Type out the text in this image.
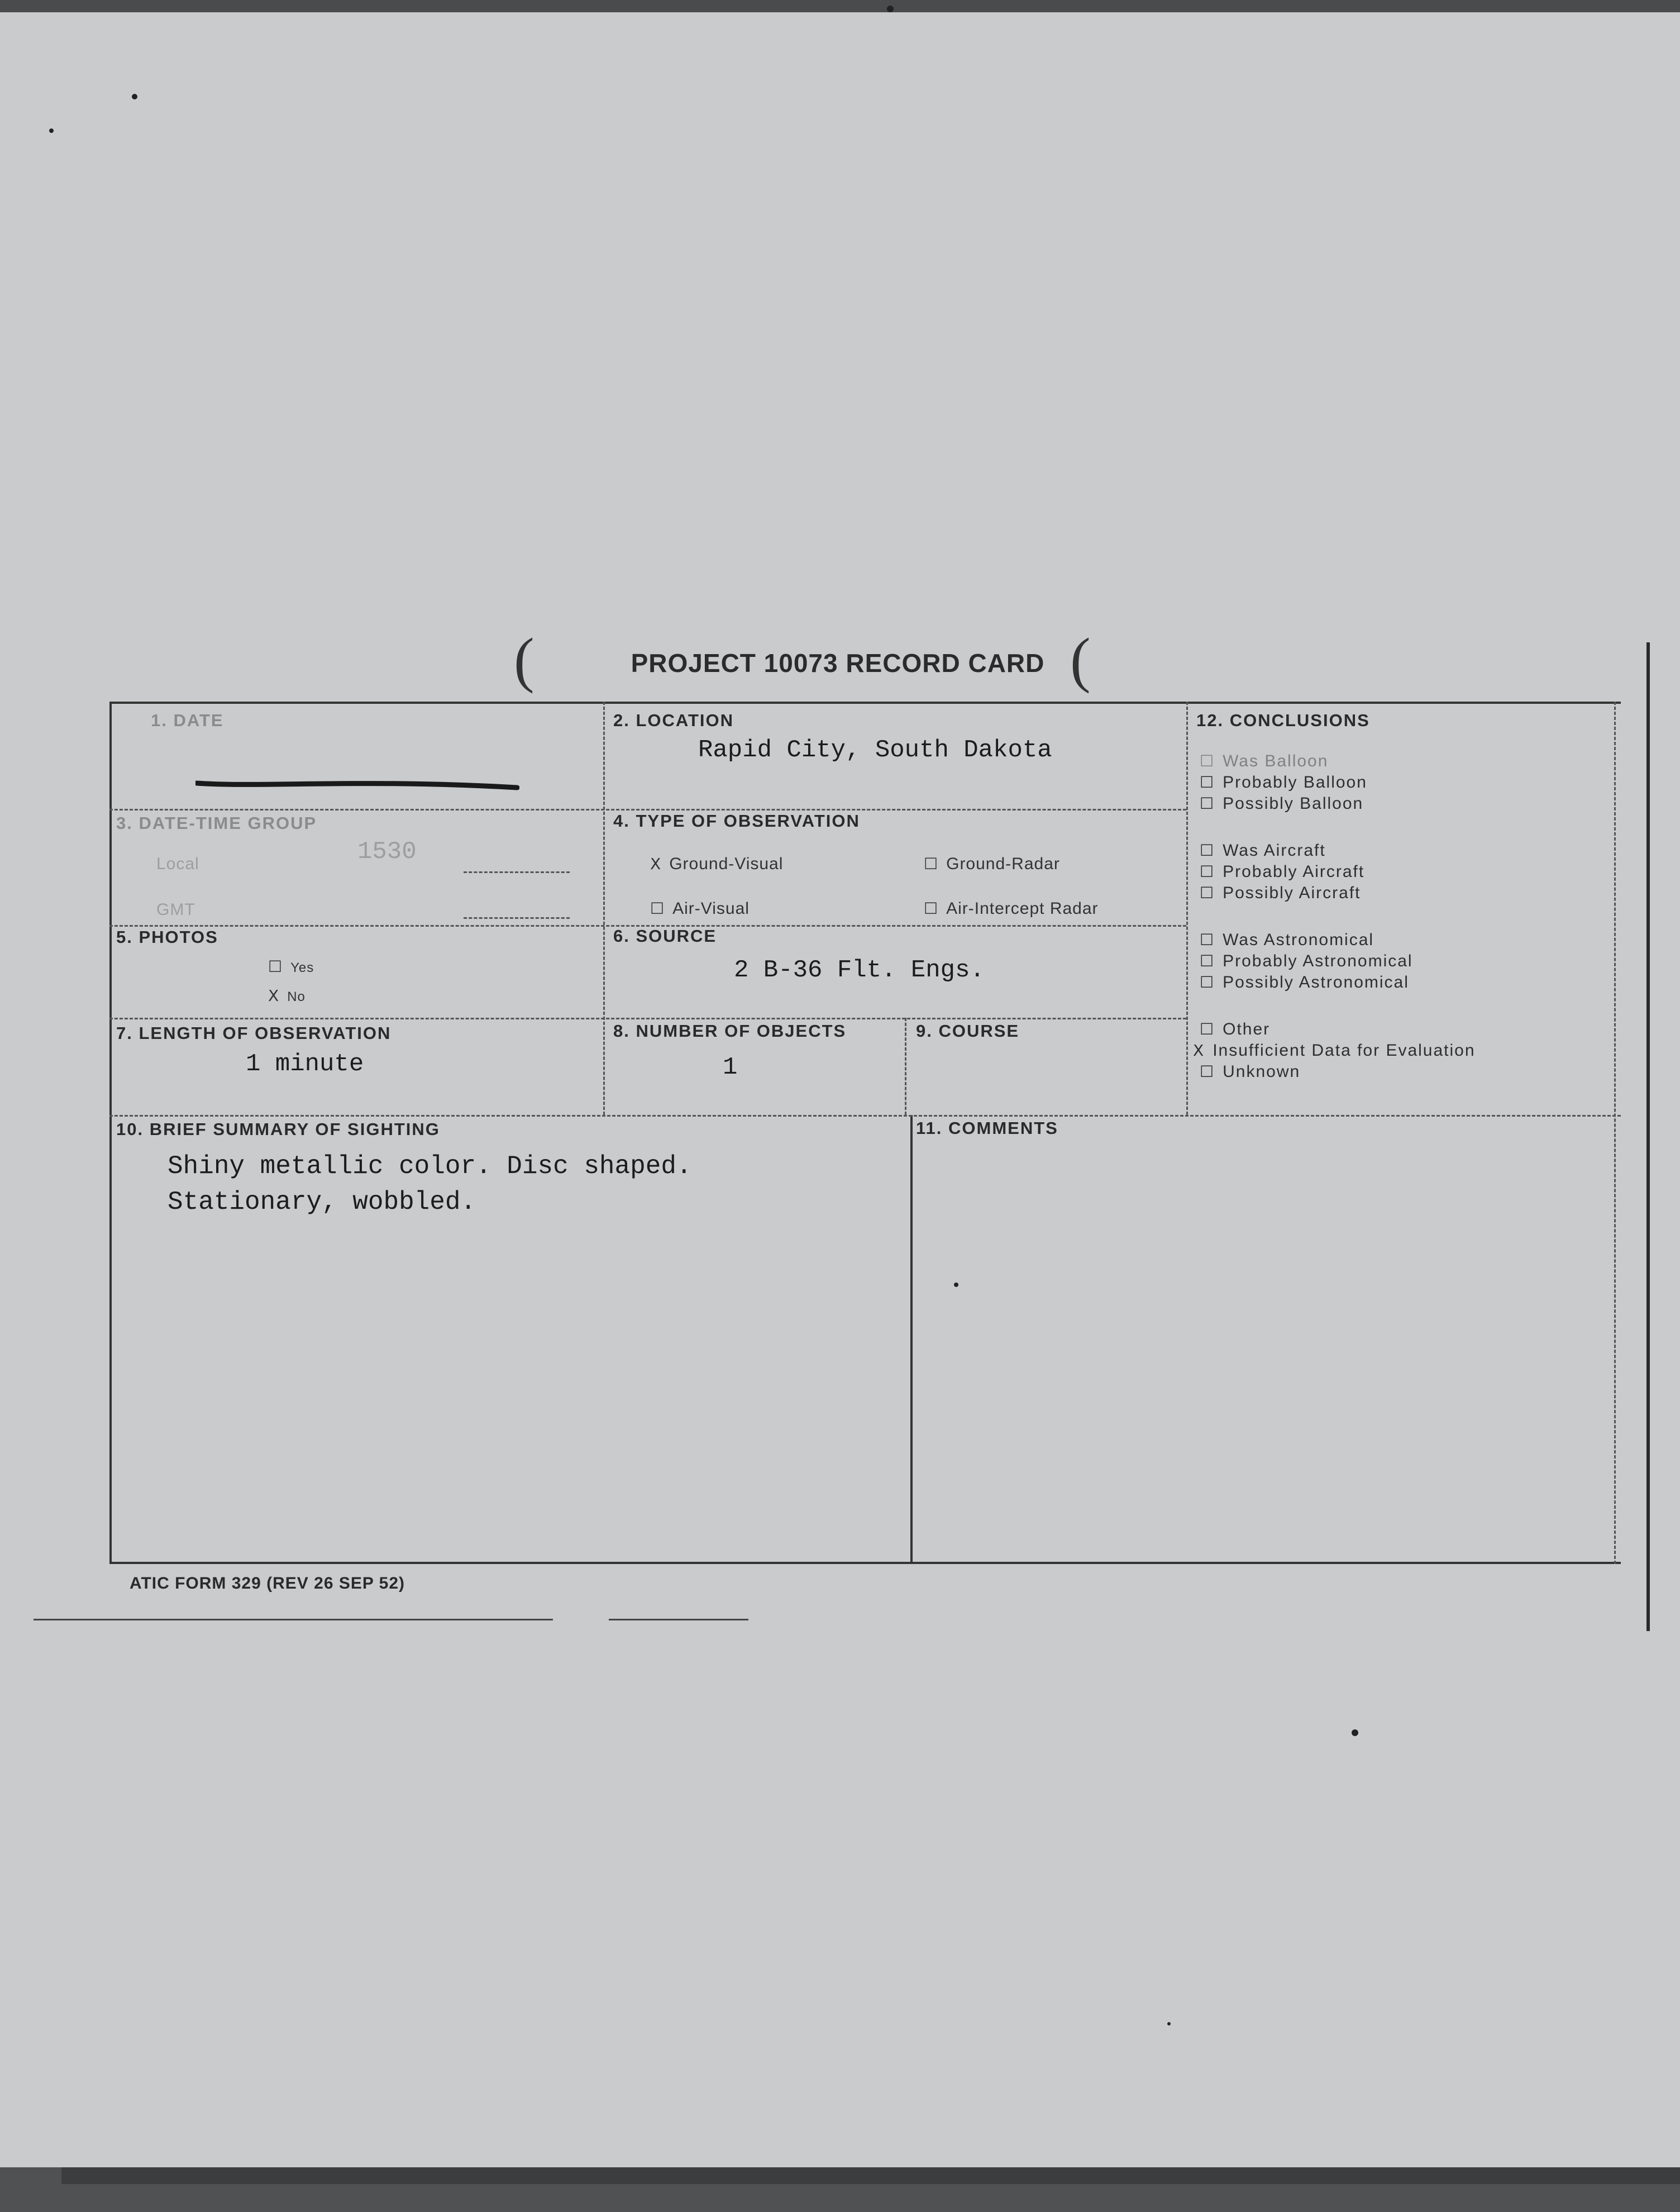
(	PROJECT 10073 RECORD CARD (
1. DATE	2. LOCATION
Rapid City, South Dakota
3. DATE-TIME GROUP
Local	1530
GMT
4. TYPE OF OBSERVATION
X Ground-Visual	☐ Ground-Radar
☐ Air-Visual	☐ Air-Intercept Radar
5. PHOTOS
☐ Yes
X No
6. SOURCE
2 B-36 Flt. Engs.
7. LENGTH OF OBSERVATION
1 minute
8. NUMBER OF OBJECTS
1
9. COURSE
10. BRIEF SUMMARY OF SIGHTING
Shiny metallic color. Disc shaped.
Stationary, wobbled.
11. COMMENTS
12. CONCLUSIONS
☐ Was Balloon
☐ Probably Balloon
☐ Possibly Balloon
☐ Was Aircraft
☐ Probably Aircraft
☐ Possibly Aircraft
☐ Was Astronomical
☐ Probably Astronomical
☐ Possibly Astronomical
☐ Other
X Insufficient Data for Evaluation
☐ Unknown
ATIC FORM 329 (REV 26 SEP 52)
